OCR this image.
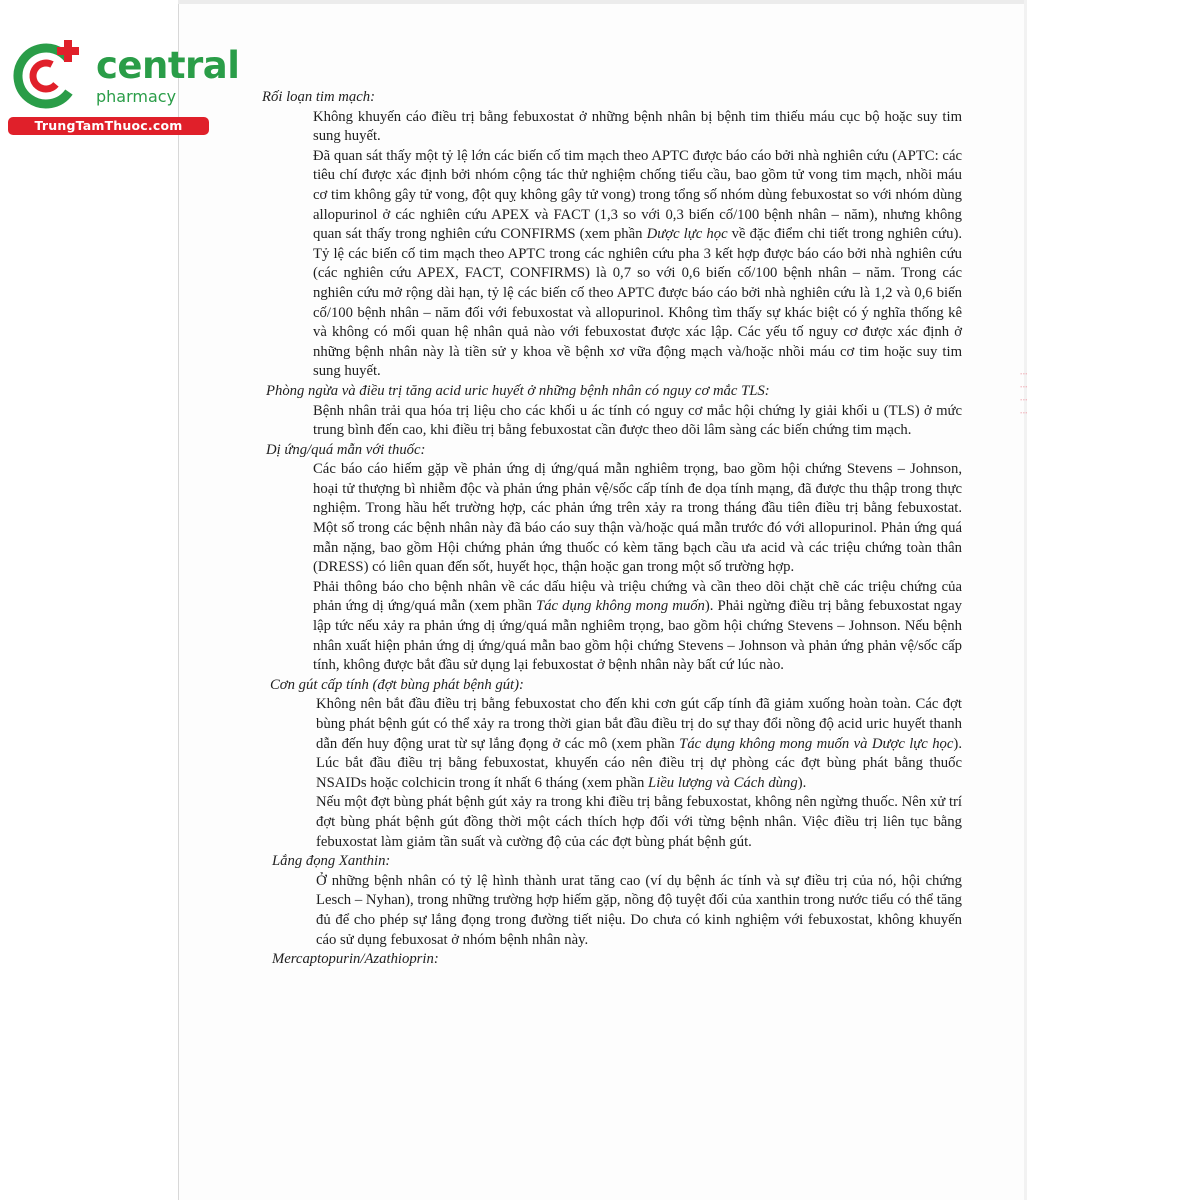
central
pharmacy
TrungTamThuoc.com
Rối loạn tim mạch:
Không khuyến cáo điều trị bằng febuxostat ở những bệnh nhân bị bệnh tim thiếu máu cục bộ hoặc suy tim sung huyết.
Đã quan sát thấy một tỷ lệ lớn các biến cố tim mạch theo APTC được báo cáo bởi nhà nghiên cứu (APTC: các tiêu chí được xác định bởi nhóm cộng tác thử nghiệm chống tiểu cầu, bao gồm tử vong tim mạch, nhồi máu cơ tim không gây tử vong, đột quỵ không gây tử vong) trong tổng số nhóm dùng febuxostat so với nhóm dùng allopurinol ở các nghiên cứu APEX và FACT (1,3 so với 0,3 biến cố/100 bệnh nhân – năm), nhưng không quan sát thấy trong nghiên cứu CONFIRMS (xem phần Dược lực học về đặc điểm chi tiết trong nghiên cứu). Tỷ lệ các biến cố tim mạch theo APTC trong các nghiên cứu pha 3 kết hợp được báo cáo bởi nhà nghiên cứu (các nghiên cứu APEX, FACT, CONFIRMS) là 0,7 so với 0,6 biến cố/100 bệnh nhân – năm. Trong các nghiên cứu mở rộng dài hạn, tỷ lệ các biến cố theo APTC được báo cáo bởi nhà nghiên cứu là 1,2 và 0,6 biến cố/100 bệnh nhân – năm đối với febuxostat và allopurinol. Không tìm thấy sự khác biệt có ý nghĩa thống kê và không có mối quan hệ nhân quả nào với febuxostat được xác lập. Các yếu tố nguy cơ được xác định ở những bệnh nhân này là tiền sử y khoa về bệnh xơ vữa động mạch và/hoặc nhồi máu cơ tim hoặc suy tim sung huyết.
Phòng ngừa và điều trị tăng acid uric huyết ở những bệnh nhân có nguy cơ mắc TLS:
Bệnh nhân trải qua hóa trị liệu cho các khối u ác tính có nguy cơ mắc hội chứng ly giải khối u (TLS) ở mức trung bình đến cao, khi điều trị bằng febuxostat cần được theo dõi lâm sàng các biến chứng tim mạch.
Dị ứng/quá mẫn với thuốc:
Các báo cáo hiếm gặp về phản ứng dị ứng/quá mẫn nghiêm trọng, bao gồm hội chứng Stevens – Johnson, hoại tử thượng bì nhiễm độc và phản ứng phản vệ/sốc cấp tính đe dọa tính mạng, đã được thu thập trong thực nghiệm. Trong hầu hết trường hợp, các phản ứng trên xảy ra trong tháng đầu tiên điều trị bằng febuxostat. Một số trong các bệnh nhân này đã báo cáo suy thận và/hoặc quá mẫn trước đó với allopurinol. Phản ứng quá mẫn nặng, bao gồm Hội chứng phản ứng thuốc có kèm tăng bạch cầu ưa acid và các triệu chứng toàn thân (DRESS) có liên quan đến sốt, huyết học, thận hoặc gan trong một số trường hợp.
Phải thông báo cho bệnh nhân về các dấu hiệu và triệu chứng và cần theo dõi chặt chẽ các triệu chứng của phản ứng dị ứng/quá mẫn (xem phần Tác dụng không mong muốn). Phải ngừng điều trị bằng febuxostat ngay lập tức nếu xảy ra phản ứng dị ứng/quá mẫn nghiêm trọng, bao gồm hội chứng Stevens – Johnson. Nếu bệnh nhân xuất hiện phản ứng dị ứng/quá mẫn bao gồm hội chứng Stevens – Johnson và phản ứng phản vệ/sốc cấp tính, không được bắt đầu sử dụng lại febuxostat ở bệnh nhân này bất cứ lúc nào.
Cơn gút cấp tính (đợt bùng phát bệnh gút):
Không nên bắt đầu điều trị bằng febuxostat cho đến khi cơn gút cấp tính đã giảm xuống hoàn toàn. Các đợt bùng phát bệnh gút có thể xảy ra trong thời gian bắt đầu điều trị do sự thay đổi nồng độ acid uric huyết thanh dẫn đến huy động urat từ sự lắng đọng ở các mô (xem phần Tác dụng không mong muốn và Dược lực học). Lúc bắt đầu điều trị bằng febuxostat, khuyến cáo nên điều trị dự phòng các đợt bùng phát bằng thuốc NSAIDs hoặc colchicin trong ít nhất 6 tháng (xem phần Liều lượng và Cách dùng).
Nếu một đợt bùng phát bệnh gút xảy ra trong khi điều trị bằng febuxostat, không nên ngừng thuốc. Nên xử trí đợt bùng phát bệnh gút đồng thời một cách thích hợp đối với từng bệnh nhân. Việc điều trị liên tục bằng febuxostat làm giảm tần suất và cường độ của các đợt bùng phát bệnh gút.
Lắng đọng Xanthin:
Ở những bệnh nhân có tỷ lệ hình thành urat tăng cao (ví dụ bệnh ác tính và sự điều trị của nó, hội chứng Lesch – Nyhan), trong những trường hợp hiếm gặp, nồng độ tuyệt đối của xanthin trong nước tiểu có thể tăng đủ để cho phép sự lắng đọng trong đường tiết niệu. Do chưa có kinh nghiệm với febuxostat, không khuyến cáo sử dụng febuxosat ở nhóm bệnh nhân này.
Mercaptopurin/Azathioprin:
⁝ ⁝ ⁝ ⁝
